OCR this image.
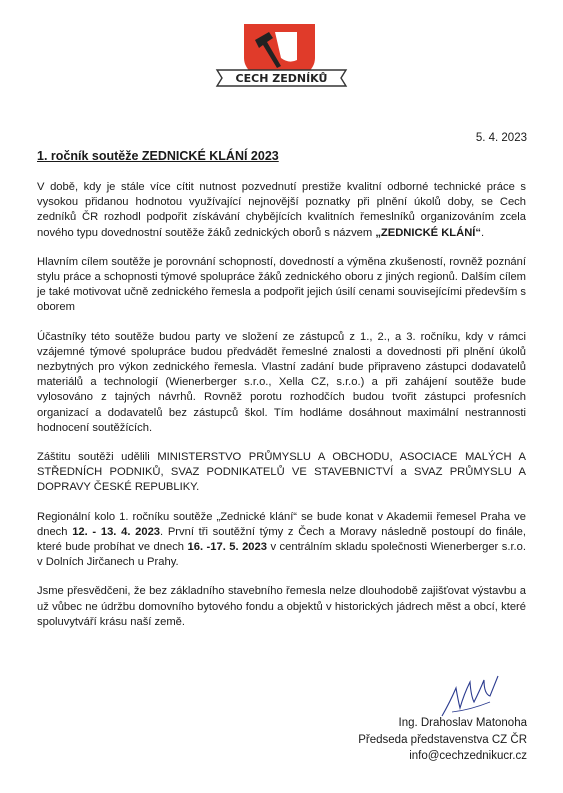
CECH ZEDNÍKŮ
5. 4. 2023
1. ročník soutěže ZEDNICKÉ KLÁNÍ 2023

V době, kdy je stále více cítit nutnost pozvednutí prestiže kvalitní odborné technické práce s vysokou přidanou hodnotou využívající nejnovější poznatky při plnění úkolů doby, se Cech zedníků ČR rozhodl podpořit získávání chybějících kvalitních řemeslníků organizováním zcela nového typu dovednostní soutěže žáků zednických oborů s názvem „ZEDNICKÉ KLÁNÍ“.

Hlavním cílem soutěže je porovnání schopností, dovedností a výměna zkušeností, rovněž poznání stylu práce a schopnosti týmové spolupráce žáků zednického oboru z jiných regionů. Dalším cílem je také motivovat učně zednického řemesla a podpořit jejich úsilí cenami souvisejícími především s oborem

Účastníky této soutěže budou party ve složení ze zástupců z 1., 2., a 3. ročníku, kdy v rámci vzájemné týmové spolupráce budou předvádět řemeslné znalosti a dovednosti při plnění úkolů nezbytných pro výkon zednického řemesla. Vlastní zadání bude připraveno zástupci dodavatelů materiálů a technologií (Wienerberger s.r.o., Xella CZ, s.r.o.) a při zahájení soutěže bude vylosováno z tajných návrhů. Rovněž porotu rozhodčích budou tvořit zástupci profesních organizací a dodavatelů bez zástupců škol. Tím hodláme dosáhnout maximální nestrannosti hodnocení soutěžících.

Záštitu soutěži udělili MINISTERSTVO PRŮMYSLU A OBCHODU, ASOCIACE MALÝCH A STŘEDNÍCH PODNIKŮ, SVAZ PODNIKATELŮ VE STAVEBNICTVÍ a SVAZ PRŮMYSLU A DOPRAVY ČESKÉ REPUBLIKY.

Regionální kolo 1. ročníku soutěže „Zednické klání“ se bude konat v Akademii řemesel Praha ve dnech 12. - 13. 4. 2023. První tři soutěžní týmy z Čech a Moravy následně postoupí do finále, které bude probíhat ve dnech 16. -17. 5. 2023 v centrálním skladu společnosti Wienerberger s.r.o. v Dolních Jirčanech u Prahy.

Jsme přesvědčeni, že bez základního stavebního řemesla nelze dlouhodobě zajišťovat výstavbu a už vůbec ne údržbu domovního bytového fondu a objektů v historických jádrech měst a obcí, které spoluvytváří krásu naší země.

Ing. Drahoslav Matonoha
Předseda představenstva CZ ČR
info@cechzednikucr.cz
